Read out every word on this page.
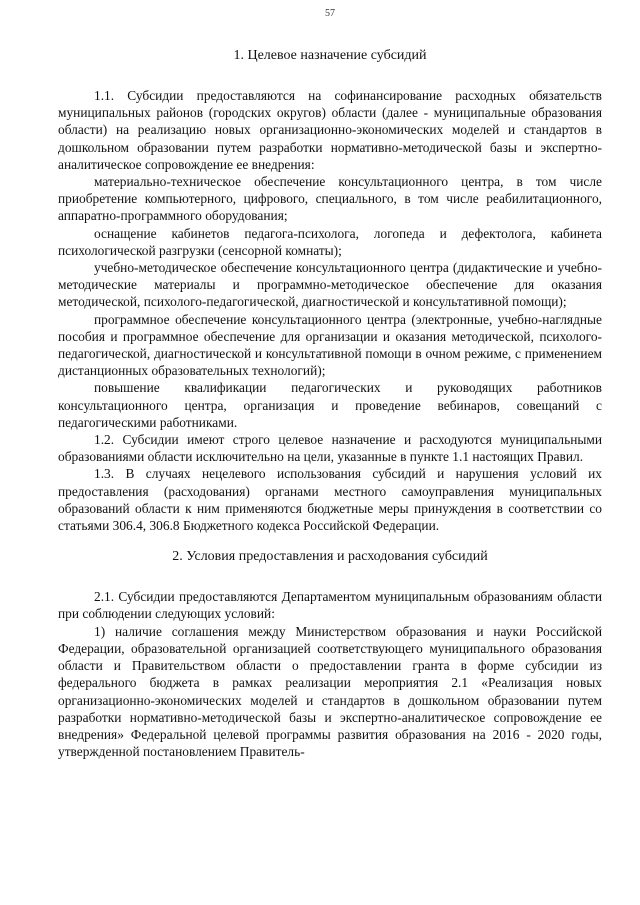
57
1. Целевое назначение субсидий

1.1. Субсидии предоставляются на софинансирование расходных обязательств муниципальных районов (городских округов) области (далее - муниципальные образования области) на реализацию новых организационно-экономических моделей и стандартов в дошкольном образовании путем разработки нормативно-методической базы и экспертно-аналитическое сопровождение ее внедрения:

материально-техническое обеспечение консультационного центра, в том числе приобретение компьютерного, цифрового, специального, в том числе реабилитационного, аппаратно-программного оборудования;

оснащение кабинетов педагога-психолога, логопеда и дефектолога, кабинета психологической разгрузки (сенсорной комнаты);

учебно-методическое обеспечение консультационного центра (дидактические и учебно-методические материалы и программно-методическое обеспечение для оказания методической, психолого-педагогической, диагностической и консультативной помощи);

программное обеспечение консультационного центра (электронные, учебно-наглядные пособия и программное обеспечение для организации и оказания методической, психолого-педагогической, диагностической и консультативной помощи в очном режиме, с применением дистанционных образовательных технологий);

повышение квалификации педагогических и руководящих работников консультационного центра, организация и проведение вебинаров, совещаний с педагогическими работниками.

1.2. Субсидии имеют строго целевое назначение и расходуются муниципальными образованиями области исключительно на цели, указанные в пункте 1.1 настоящих Правил.

1.3. В случаях нецелевого использования субсидий и нарушения условий их предоставления (расходования) органами местного самоуправления муниципальных образований области к ним применяются бюджетные меры принуждения в соответствии со статьями 306.4, 306.8 Бюджетного кодекса Российской Федерации.

2. Условия предоставления и расходования субсидий

2.1. Субсидии предоставляются Департаментом муниципальным образованиям области при соблюдении следующих условий:

1) наличие соглашения между Министерством образования и науки Российской Федерации, образовательной организацией соответствующего муниципального образования области и Правительством области о предоставлении гранта в форме субсидии из федерального бюджета в рамках реализации мероприятия 2.1 «Реализация новых организационно-экономических моделей и стандартов в дошкольном образовании путем разработки нормативно-методической базы и экспертно-аналитическое сопровождение ее внедрения» Федеральной целевой программы развития образования на 2016 - 2020 годы, утвержденной постановлением Правитель-
